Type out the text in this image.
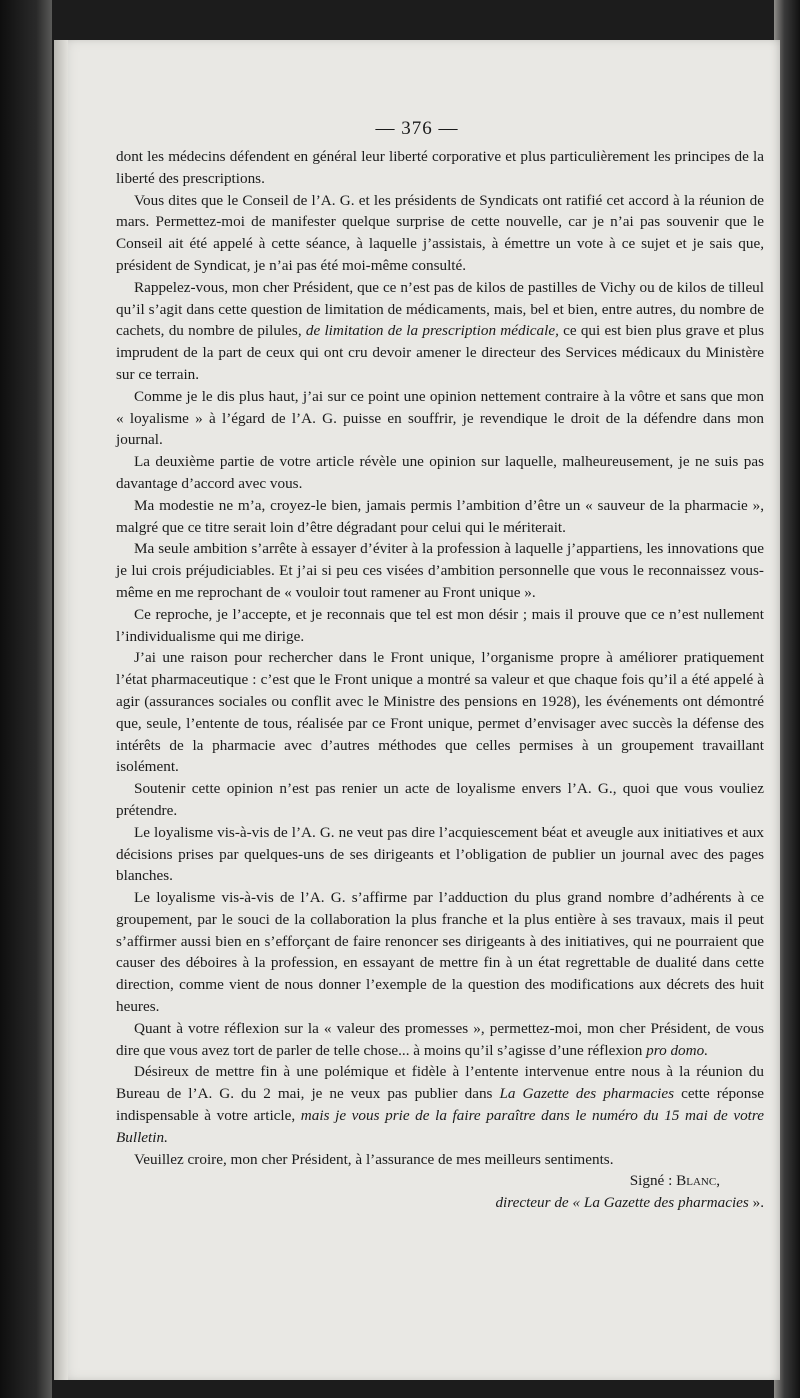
— 376 —

dont les médecins défendent en général leur liberté corporative et plus particulièrement les principes de la liberté des prescriptions.

Vous dites que le Conseil de l’A. G. et les présidents de Syndicats ont ratifié cet accord à la réunion de mars. Permettez-moi de manifester quelque surprise de cette nouvelle, car je n’ai pas souvenir que le Conseil ait été appelé à cette séance, à laquelle j’assistais, à émettre un vote à ce sujet et je sais que, président de Syndicat, je n’ai pas été moi-même consulté.

Rappelez-vous, mon cher Président, que ce n’est pas de kilos de pastilles de Vichy ou de kilos de tilleul qu’il s’agit dans cette question de limitation de médicaments, mais, bel et bien, entre autres, du nombre de cachets, du nombre de pilules, de limitation de la prescription médicale, ce qui est bien plus grave et plus imprudent de la part de ceux qui ont cru devoir amener le directeur des Services médicaux du Ministère sur ce terrain.

Comme je le dis plus haut, j’ai sur ce point une opinion nettement contraire à la vôtre et sans que mon « loyalisme » à l’égard de l’A. G. puisse en souffrir, je revendique le droit de la défendre dans mon journal.

La deuxième partie de votre article révèle une opinion sur laquelle, malheureusement, je ne suis pas davantage d’accord avec vous.

Ma modestie ne m’a, croyez-le bien, jamais permis l’ambition d’être un « sauveur de la pharmacie », malgré que ce titre serait loin d’être dégradant pour celui qui le mériterait.

Ma seule ambition s’arrête à essayer d’éviter à la profession à laquelle j’appartiens, les innovations que je lui crois préjudiciables. Et j’ai si peu ces visées d’ambition personnelle que vous le reconnaissez vous-même en me reprochant de « vouloir tout ramener au Front unique ».

Ce reproche, je l’accepte, et je reconnais que tel est mon désir ; mais il prouve que ce n’est nullement l’individualisme qui me dirige.

J’ai une raison pour rechercher dans le Front unique, l’organisme propre à améliorer pratiquement l’état pharmaceutique : c’est que le Front unique a montré sa valeur et que chaque fois qu’il a été appelé à agir (assurances sociales ou conflit avec le Ministre des pensions en 1928), les événements ont démontré que, seule, l’entente de tous, réalisée par ce Front unique, permet d’envisager avec succès la défense des intérêts de la pharmacie avec d’autres méthodes que celles permises à un groupement travaillant isolément.

Soutenir cette opinion n’est pas renier un acte de loyalisme envers l’A. G., quoi que vous vouliez prétendre.

Le loyalisme vis-à-vis de l’A. G. ne veut pas dire l’acquiescement béat et aveugle aux initiatives et aux décisions prises par quelques-uns de ses dirigeants et l’obligation de publier un journal avec des pages blanches.

Le loyalisme vis-à-vis de l’A. G. s’affirme par l’adduction du plus grand nombre d’adhérents à ce groupement, par le souci de la collaboration la plus franche et la plus entière à ses travaux, mais il peut s’affirmer aussi bien en s’efforçant de faire renoncer ses dirigeants à des initiatives, qui ne pourraient que causer des déboires à la profession, en essayant de mettre fin à un état regrettable de dualité dans cette direction, comme vient de nous donner l’exemple de la question des modifications aux décrets des huit heures.

Quant à votre réflexion sur la « valeur des promesses », permettez-moi, mon cher Président, de vous dire que vous avez tort de parler de telle chose... à moins qu’il s’agisse d’une réflexion pro domo.

Désireux de mettre fin à une polémique et fidèle à l’entente intervenue entre nous à la réunion du Bureau de l’A. G. du 2 mai, je ne veux pas publier dans La Gazette des pharmacies cette réponse indispensable à votre article, mais je vous prie de la faire paraître dans le numéro du 15 mai de votre Bulletin.

Veuillez croire, mon cher Président, à l’assurance de mes meilleurs sentiments.

Signé : Blanc,

directeur de « La Gazette des pharmacies ».
